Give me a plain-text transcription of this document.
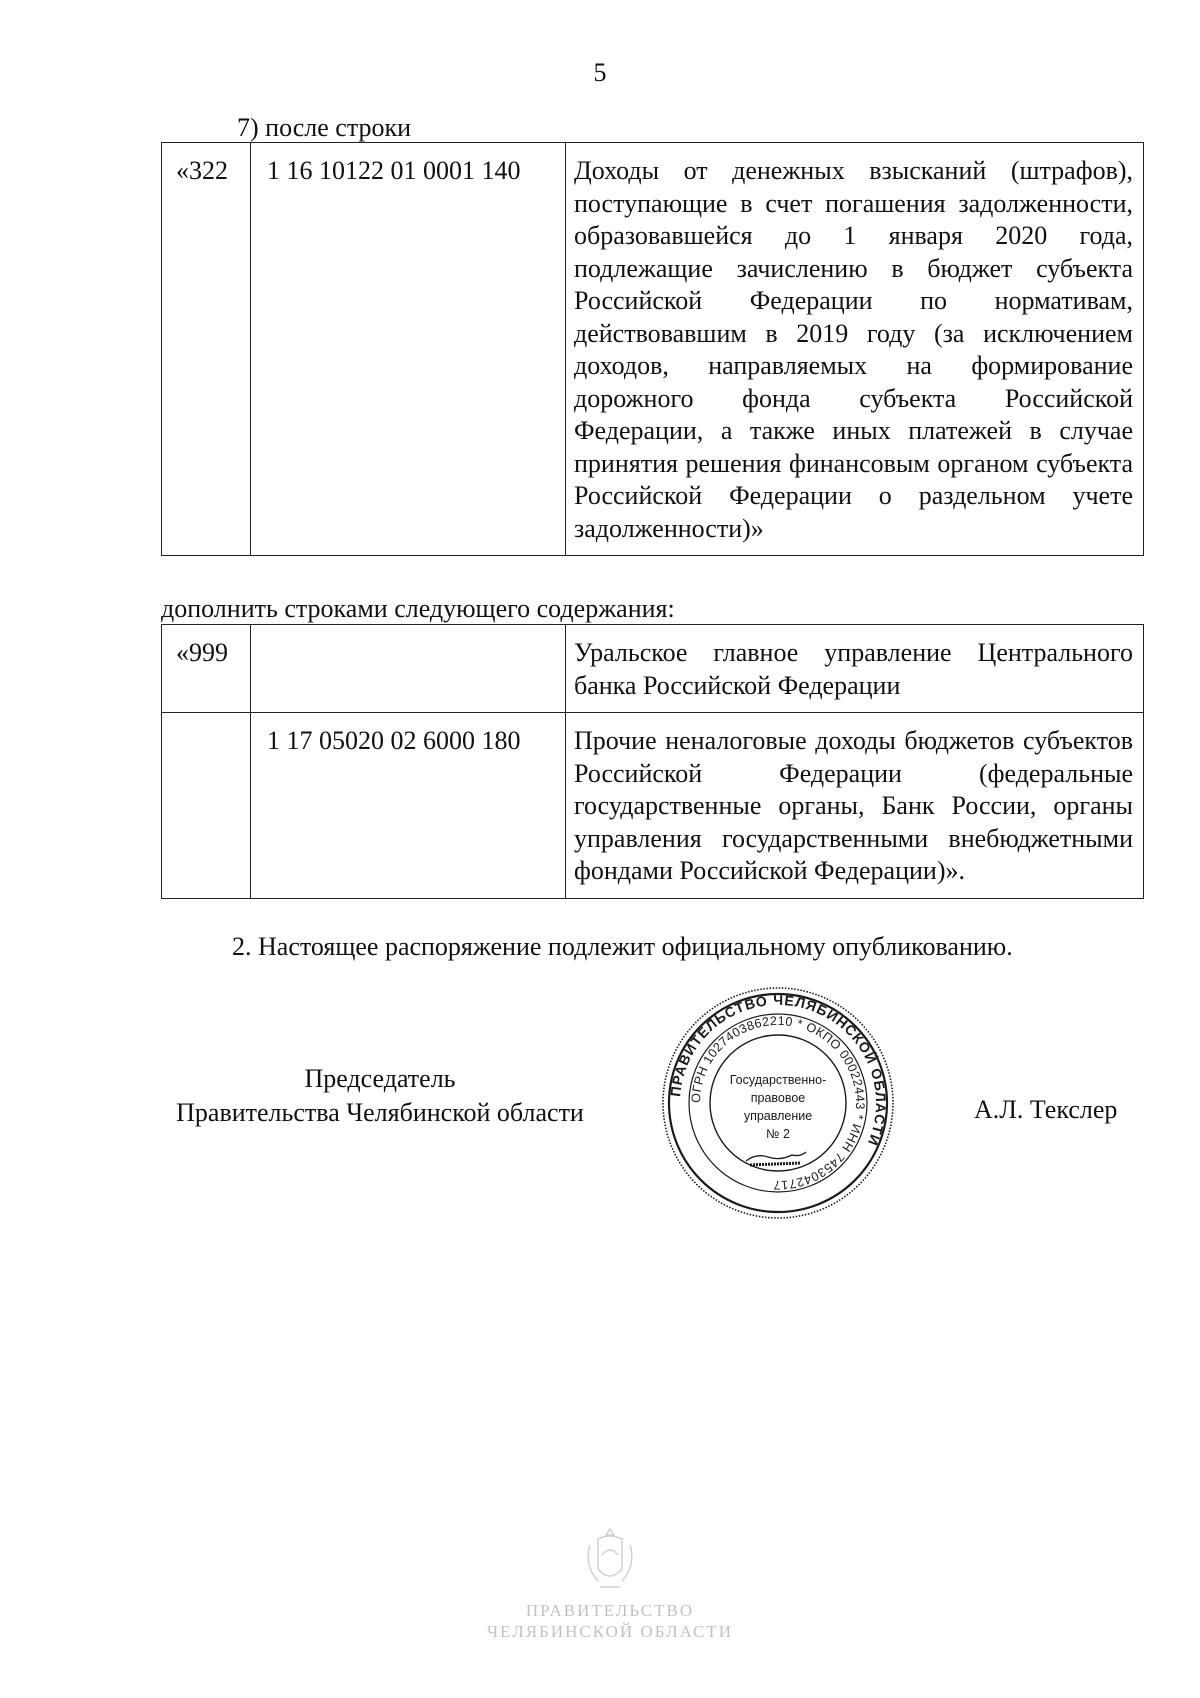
5
7) после строки
«322	1 16 10122 01 0001 140	Доходы от денежных взысканий (штрафов), поступающие в счет погашения задолженности, образовавшейся до 1 января 2020 года, подлежащие зачислению в бюджет субъекта Российской Федерации по нормативам, действовавшим в 2019 году (за исключением доходов, направляемых на формирование дорожного фонда субъекта Российской Федерации, а также иных платежей в случае принятия решения финансовым органом субъекта Российской Федерации о раздельном учете задолженности)»
дополнить строками следующего содержания:
«999		Уральское главное управление Центрального банка Российской Федерации
	1 17 05020 02 6000 180	Прочие неналоговые доходы бюджетов субъектов Российской Федерации (федеральные государственные органы, Банк России, органы управления государственными внебюджетными фондами Российской Федерации)».
2. Настоящее распоряжение подлежит официальному опубликованию.
Председатель
Правительства Челябинской области	А.Л. Текслер
ПРАВИТЕЛЬСТВО ЧЕЛЯБИНСКОЙ ОБЛАСТИ
ОГРН 1027403862210 * ОКПО 00022443 * ИНН 7453042717
Государственно-
правовое
управление
№ 2
ПРАВИТЕЛЬСТВО
ЧЕЛЯБИНСКОЙ ОБЛАСТИ
